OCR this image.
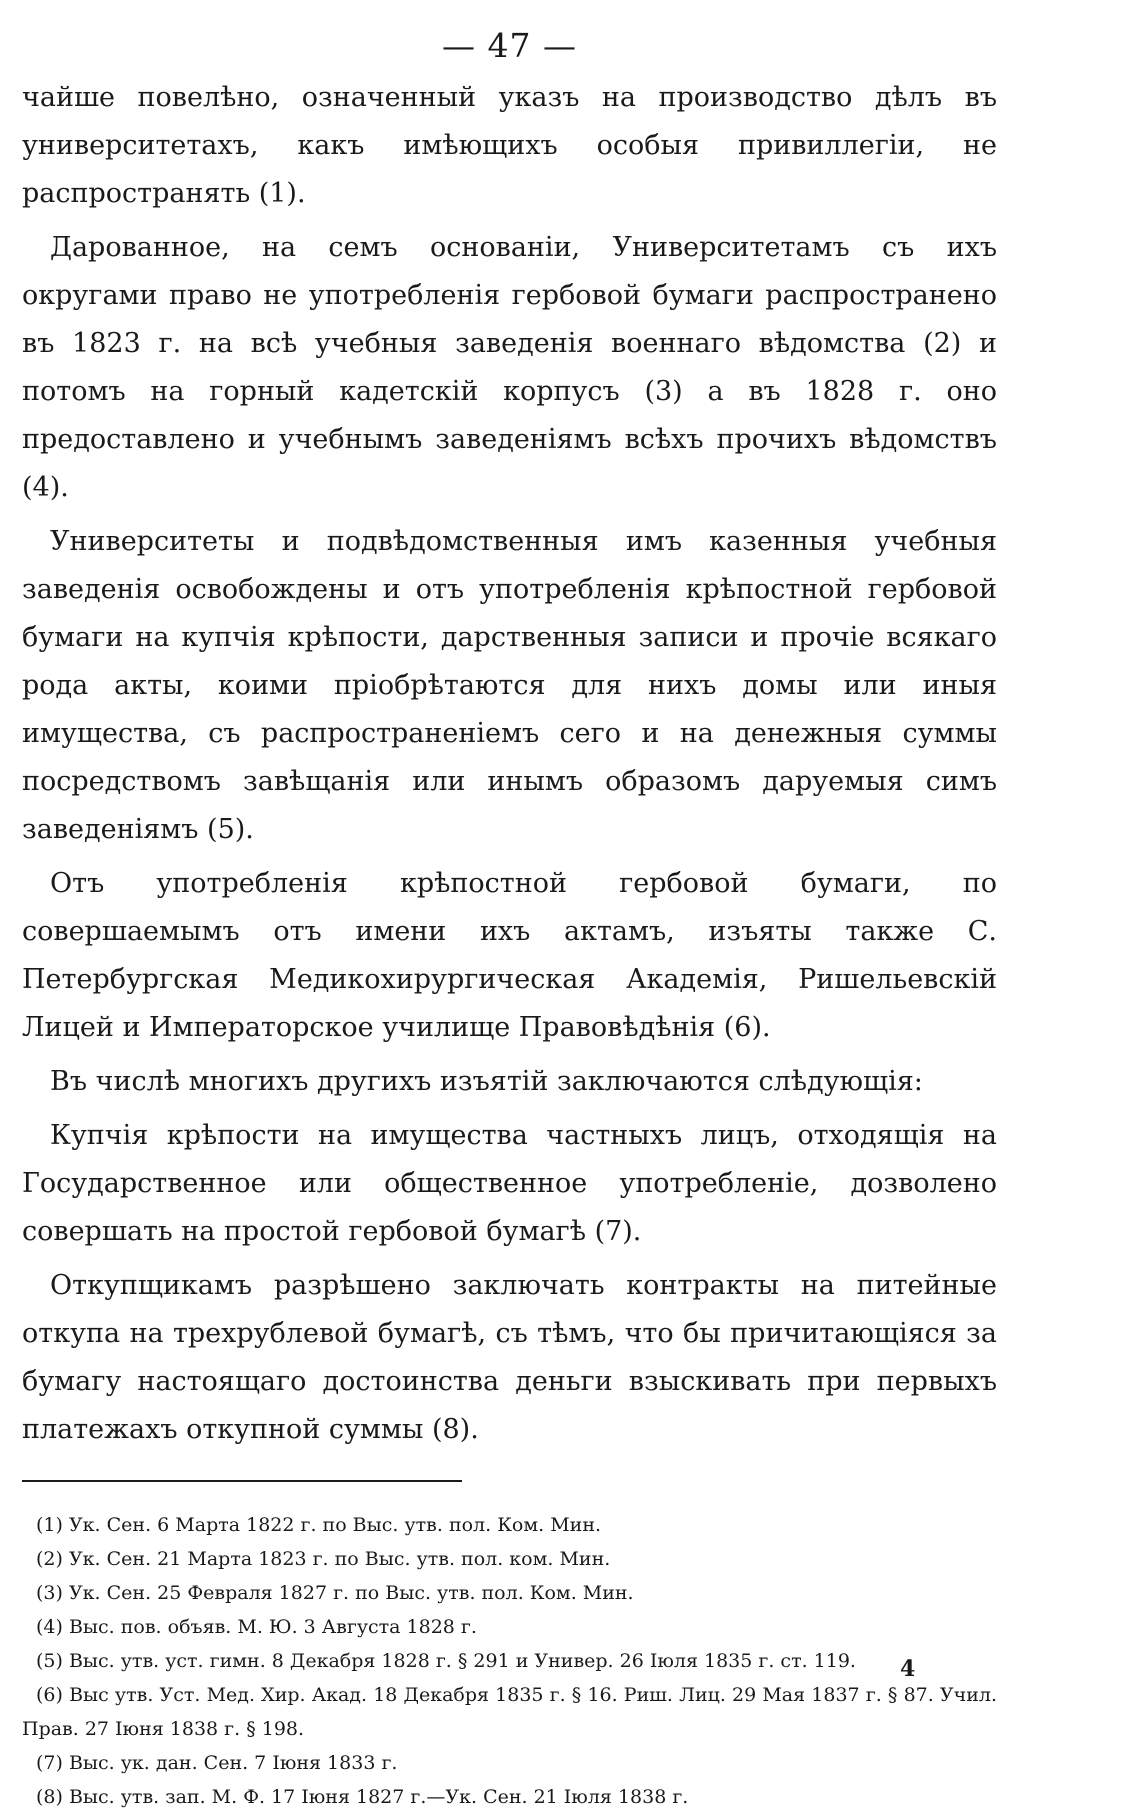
— 47 —

чайше повелѣно, означенный указъ на производство дѣлъ въ университетахъ, какъ имѣющихъ особыя привиллегіи, не распространять (1).

Дарованное, на семъ основаніи, Университетамъ съ ихъ округами право не употребленія гербовой бумаги распространено въ 1823 г. на всѣ учебныя заведенія военнаго вѣдомства (2) и потомъ на горный кадетскій корпусъ (3) а въ 1828 г. оно предоставлено и учебнымъ заведеніямъ всѣхъ прочихъ вѣдомствъ (4).

Университеты и подвѣдомственныя имъ казенныя учебныя заведенія освобождены и отъ употребленія крѣпостной гербовой бумаги на купчія крѣпости, дарственныя записи и прочіе всякаго рода акты, коими пріобрѣтаются для нихъ домы или иныя имущества, съ распространеніемъ сего и на денежныя суммы посредствомъ завѣщанія или инымъ образомъ даруемыя симъ заведеніямъ (5).

Отъ употребленія крѣпостной гербовой бумаги, по совершаемымъ отъ имени ихъ актамъ, изъяты также С. Петербургская Медикохирургическая Академія, Ришельевскій Лицей и Императорское училище Правовѣдѣнія (6).

Въ числѣ многихъ другихъ изъятій заключаются слѣдующія:

Купчія крѣпости на имущества частныхъ лицъ, отходящія на Государственное или общественное употребленіе, дозволено совершать на простой гербовой бумагѣ (7).

Откупщикамъ разрѣшено заключать контракты на питейные откупа на трехрублевой бумагѣ, съ тѣмъ, что бы причитающіяся за бумагу настоящаго достоинства деньги взыскивать при первыхъ платежахъ откупной суммы (8).

(1) Ук. Сен. 6 Марта 1822 г. по Выс. утв. пол. Ком. Мин.

(2) Ук. Сен. 21 Марта 1823 г. по Выс. утв. пол. ком. Мин.

(3) Ук. Сен. 25 Февраля 1827 г. по Выс. утв. пол. Ком. Мин.

(4) Выс. пов. объяв. М. Ю. 3 Августа 1828 г.

(5) Выс. утв. уст. гимн. 8 Декабря 1828 г. § 291 и Унивeр. 26 Іюля 1835 г. ст. 119.

(6) Выс утв. Уст. Мед. Хир. Акад. 18 Декабря 1835 г. § 16. Риш. Лиц. 29 Мая 1837 г. § 87. Учил. Прав. 27 Іюня 1838 г. § 198.

(7) Выс. ук. дан. Сен. 7 Іюня 1833 г.

(8) Выс. утв. зап. М. Ф. 17 Іюня 1827 г.—Ук. Сен. 21 Іюля 1838 г.

4
